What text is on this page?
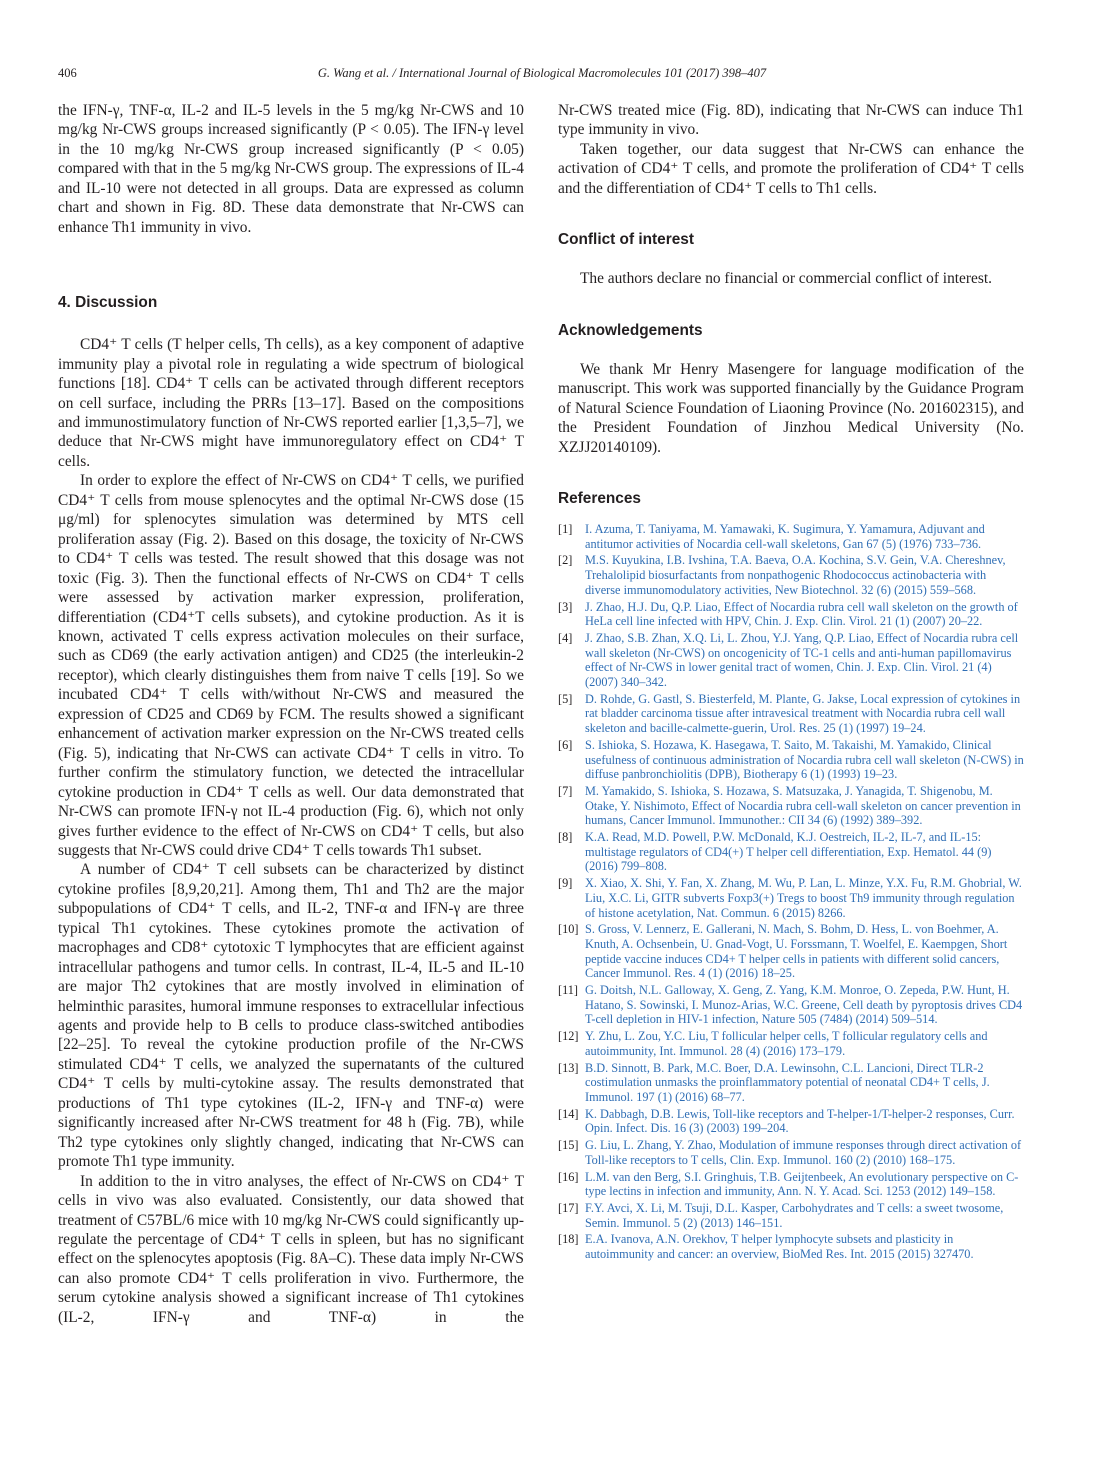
406	G. Wang et al. / International Journal of Biological Macromolecules 101 (2017) 398–407

the IFN-γ, TNF-α, IL-2 and IL-5 levels in the 5 mg/kg Nr-CWS and 10 mg/kg Nr-CWS groups increased significantly (P < 0.05). The IFN-γ level in the 10 mg/kg Nr-CWS group increased significantly (P < 0.05) compared with that in the 5 mg/kg Nr-CWS group. The expressions of IL-4 and IL-10 were not detected in all groups. Data are expressed as column chart and shown in Fig. 8D. These data demonstrate that Nr-CWS can enhance Th1 immunity in vivo.

4. Discussion

CD4⁺ T cells (T helper cells, Th cells), as a key component of adaptive immunity play a pivotal role in regulating a wide spectrum of biological functions [18]. CD4⁺ T cells can be activated through different receptors on cell surface, including the PRRs [13–17]. Based on the compositions and immunostimulatory function of Nr-CWS reported earlier [1,3,5–7], we deduce that Nr-CWS might have immunoregulatory effect on CD4⁺ T cells.

In order to explore the effect of Nr-CWS on CD4⁺ T cells, we purified CD4⁺ T cells from mouse splenocytes and the optimal Nr-CWS dose (15 μg/ml) for splenocytes simulation was determined by MTS cell proliferation assay (Fig. 2). Based on this dosage, the toxicity of Nr-CWS to CD4⁺ T cells was tested. The result showed that this dosage was not toxic (Fig. 3). Then the functional effects of Nr-CWS on CD4⁺ T cells were assessed by activation marker expression, proliferation, differentiation (CD4⁺T cells subsets), and cytokine production. As it is known, activated T cells express activation molecules on their surface, such as CD69 (the early activation antigen) and CD25 (the interleukin-2 receptor), which clearly distinguishes them from naive T cells [19]. So we incubated CD4⁺ T cells with/without Nr-CWS and measured the expression of CD25 and CD69 by FCM. The results showed a significant enhancement of activation marker expression on the Nr-CWS treated cells (Fig. 5), indicating that Nr-CWS can activate CD4⁺ T cells in vitro. To further confirm the stimulatory function, we detected the intracellular cytokine production in CD4⁺ T cells as well. Our data demonstrated that Nr-CWS can promote IFN-γ not IL-4 production (Fig. 6), which not only gives further evidence to the effect of Nr-CWS on CD4⁺ T cells, but also suggests that Nr-CWS could drive CD4⁺ T cells towards Th1 subset.

A number of CD4⁺ T cell subsets can be characterized by distinct cytokine profiles [8,9,20,21]. Among them, Th1 and Th2 are the major subpopulations of CD4⁺ T cells, and IL-2, TNF-α and IFN-γ are three typical Th1 cytokines. These cytokines promote the activation of macrophages and CD8⁺ cytotoxic T lymphocytes that are efficient against intracellular pathogens and tumor cells. In contrast, IL-4, IL-5 and IL-10 are major Th2 cytokines that are mostly involved in elimination of helminthic parasites, humoral immune responses to extracellular infectious agents and provide help to B cells to produce class-switched antibodies [22–25]. To reveal the cytokine production profile of the Nr-CWS stimulated CD4⁺ T cells, we analyzed the supernatants of the cultured CD4⁺ T cells by multi-cytokine assay. The results demonstrated that productions of Th1 type cytokines (IL-2, IFN-γ and TNF-α) were significantly increased after Nr-CWS treatment for 48 h (Fig. 7B), while Th2 type cytokines only slightly changed, indicating that Nr-CWS can promote Th1 type immunity.

In addition to the in vitro analyses, the effect of Nr-CWS on CD4⁺ T cells in vivo was also evaluated. Consistently, our data showed that treatment of C57BL/6 mice with 10 mg/kg Nr-CWS could significantly up-regulate the percentage of CD4⁺ T cells in spleen, but has no significant effect on the splenocytes apoptosis (Fig. 8A–C). These data imply Nr-CWS can also promote CD4⁺ T cells proliferation in vivo. Furthermore, the serum cytokine analysis showed a significant increase of Th1 cytokines (IL-2, IFN-γ and TNF-α) in the

Nr-CWS treated mice (Fig. 8D), indicating that Nr-CWS can induce Th1 type immunity in vivo.

Taken together, our data suggest that Nr-CWS can enhance the activation of CD4⁺ T cells, and promote the proliferation of CD4⁺ T cells and the differentiation of CD4⁺ T cells to Th1 cells.

Conflict of interest

The authors declare no financial or commercial conflict of interest.

Acknowledgements

We thank Mr Henry Masengere for language modification of the manuscript. This work was supported financially by the Guidance Program of Natural Science Foundation of Liaoning Province (No. 201602315), and the President Foundation of Jinzhou Medical University (No. XZJJ20140109).

References
[1] I. Azuma, T. Taniyama, M. Yamawaki, K. Sugimura, Y. Yamamura, Adjuvant and antitumor activities of Nocardia cell-wall skeletons, Gan 67 (5) (1976) 733–736.
[2] M.S. Kuyukina, I.B. Ivshina, T.A. Baeva, O.A. Kochina, S.V. Gein, V.A. Chereshnev, Trehalolipid biosurfactants from nonpathogenic Rhodococcus actinobacteria with diverse immunomodulatory activities, New Biotechnol. 32 (6) (2015) 559–568.
[3] J. Zhao, H.J. Du, Q.P. Liao, Effect of Nocardia rubra cell wall skeleton on the growth of HeLa cell line infected with HPV, Chin. J. Exp. Clin. Virol. 21 (1) (2007) 20–22.
[4] J. Zhao, S.B. Zhan, X.Q. Li, L. Zhou, Y.J. Yang, Q.P. Liao, Effect of Nocardia rubra cell wall skeleton (Nr-CWS) on oncogenicity of TC-1 cells and anti-human papillomavirus effect of Nr-CWS in lower genital tract of women, Chin. J. Exp. Clin. Virol. 21 (4) (2007) 340–342.
[5] D. Rohde, G. Gastl, S. Biesterfeld, M. Plante, G. Jakse, Local expression of cytokines in rat bladder carcinoma tissue after intravesical treatment with Nocardia rubra cell wall skeleton and bacille-calmette-guerin, Urol. Res. 25 (1) (1997) 19–24.
[6] S. Ishioka, S. Hozawa, K. Hasegawa, T. Saito, M. Takaishi, M. Yamakido, Clinical usefulness of continuous administration of Nocardia rubra cell wall skeleton (N-CWS) in diffuse panbronchiolitis (DPB), Biotherapy 6 (1) (1993) 19–23.
[7] M. Yamakido, S. Ishioka, S. Hozawa, S. Matsuzaka, J. Yanagida, T. Shigenobu, M. Otake, Y. Nishimoto, Effect of Nocardia rubra cell-wall skeleton on cancer prevention in humans, Cancer Immunol. Immunother.: CII 34 (6) (1992) 389–392.
[8] K.A. Read, M.D. Powell, P.W. McDonald, K.J. Oestreich, IL-2, IL-7, and IL-15: multistage regulators of CD4(+) T helper cell differentiation, Exp. Hematol. 44 (9) (2016) 799–808.
[9] X. Xiao, X. Shi, Y. Fan, X. Zhang, M. Wu, P. Lan, L. Minze, Y.X. Fu, R.M. Ghobrial, W. Liu, X.C. Li, GITR subverts Foxp3(+) Tregs to boost Th9 immunity through regulation of histone acetylation, Nat. Commun. 6 (2015) 8266.
[10] S. Gross, V. Lennerz, E. Gallerani, N. Mach, S. Bohm, D. Hess, L. von Boehmer, A. Knuth, A. Ochsenbein, U. Gnad-Vogt, U. Forssmann, T. Woelfel, E. Kaempgen, Short peptide vaccine induces CD4+ T helper cells in patients with different solid cancers, Cancer Immunol. Res. 4 (1) (2016) 18–25.
[11] G. Doitsh, N.L. Galloway, X. Geng, Z. Yang, K.M. Monroe, O. Zepeda, P.W. Hunt, H. Hatano, S. Sowinski, I. Munoz-Arias, W.C. Greene, Cell death by pyroptosis drives CD4 T-cell depletion in HIV-1 infection, Nature 505 (7484) (2014) 509–514.
[12] Y. Zhu, L. Zou, Y.C. Liu, T follicular helper cells, T follicular regulatory cells and autoimmunity, Int. Immunol. 28 (4) (2016) 173–179.
[13] B.D. Sinnott, B. Park, M.C. Boer, D.A. Lewinsohn, C.L. Lancioni, Direct TLR-2 costimulation unmasks the proinflammatory potential of neonatal CD4+ T cells, J. Immunol. 197 (1) (2016) 68–77.
[14] K. Dabbagh, D.B. Lewis, Toll-like receptors and T-helper-1/T-helper-2 responses, Curr. Opin. Infect. Dis. 16 (3) (2003) 199–204.
[15] G. Liu, L. Zhang, Y. Zhao, Modulation of immune responses through direct activation of Toll-like receptors to T cells, Clin. Exp. Immunol. 160 (2) (2010) 168–175.
[16] L.M. van den Berg, S.I. Gringhuis, T.B. Geijtenbeek, An evolutionary perspective on C-type lectins in infection and immunity, Ann. N. Y. Acad. Sci. 1253 (2012) 149–158.
[17] F.Y. Avci, X. Li, M. Tsuji, D.L. Kasper, Carbohydrates and T cells: a sweet twosome, Semin. Immunol. 5 (2) (2013) 146–151.
[18] E.A. Ivanova, A.N. Orekhov, T helper lymphocyte subsets and plasticity in autoimmunity and cancer: an overview, BioMed Res. Int. 2015 (2015) 327470.
